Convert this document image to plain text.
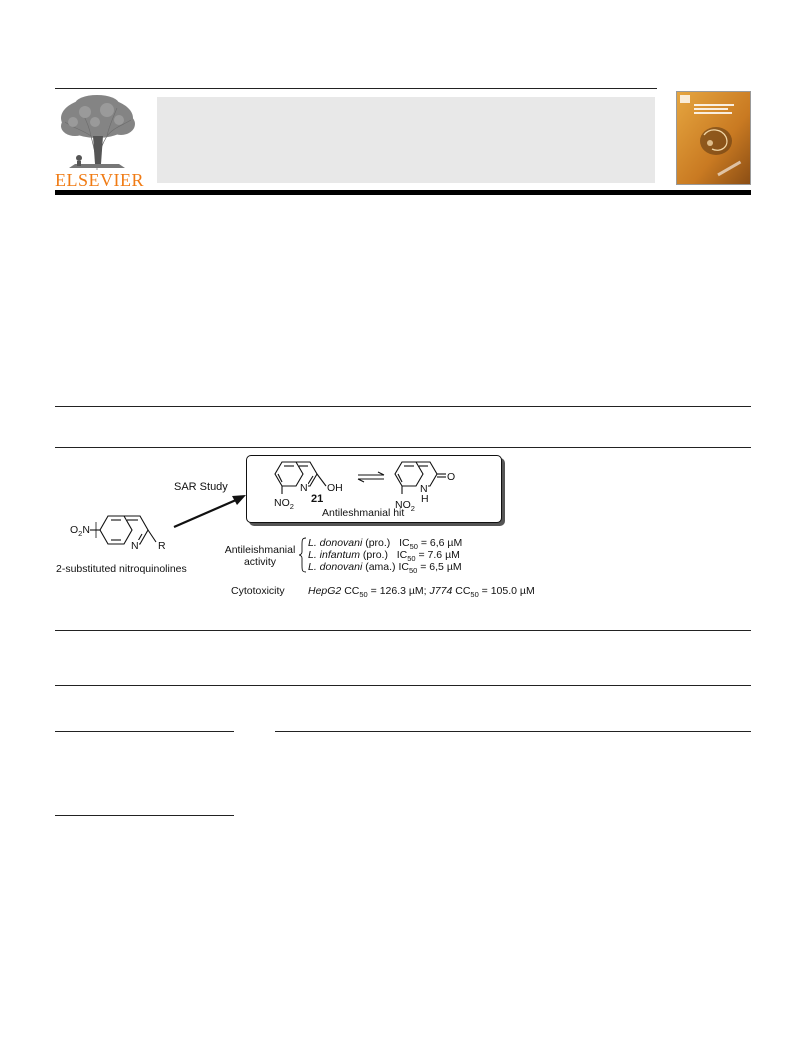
ELSEVIER
$O_2N$
N R
2-substituted nitroquinolines
SAR Study	N OH
21
$NO_2$
N
H
O
$NO_2$
Antileshmanial hit
Antileishmanial
activity
L. donovani (pro.) $IC_{50} = 6,6$ µM
L. infantum (pro.) $IC_{50} = 7.6$ µM
L. donovani (ama.) $IC_{50} = 6,5$ µM
Cytotoxicity HepG2 $CC_{50} = 126.3$ µM; J774 $CC_{50} = 105.0$ µM
